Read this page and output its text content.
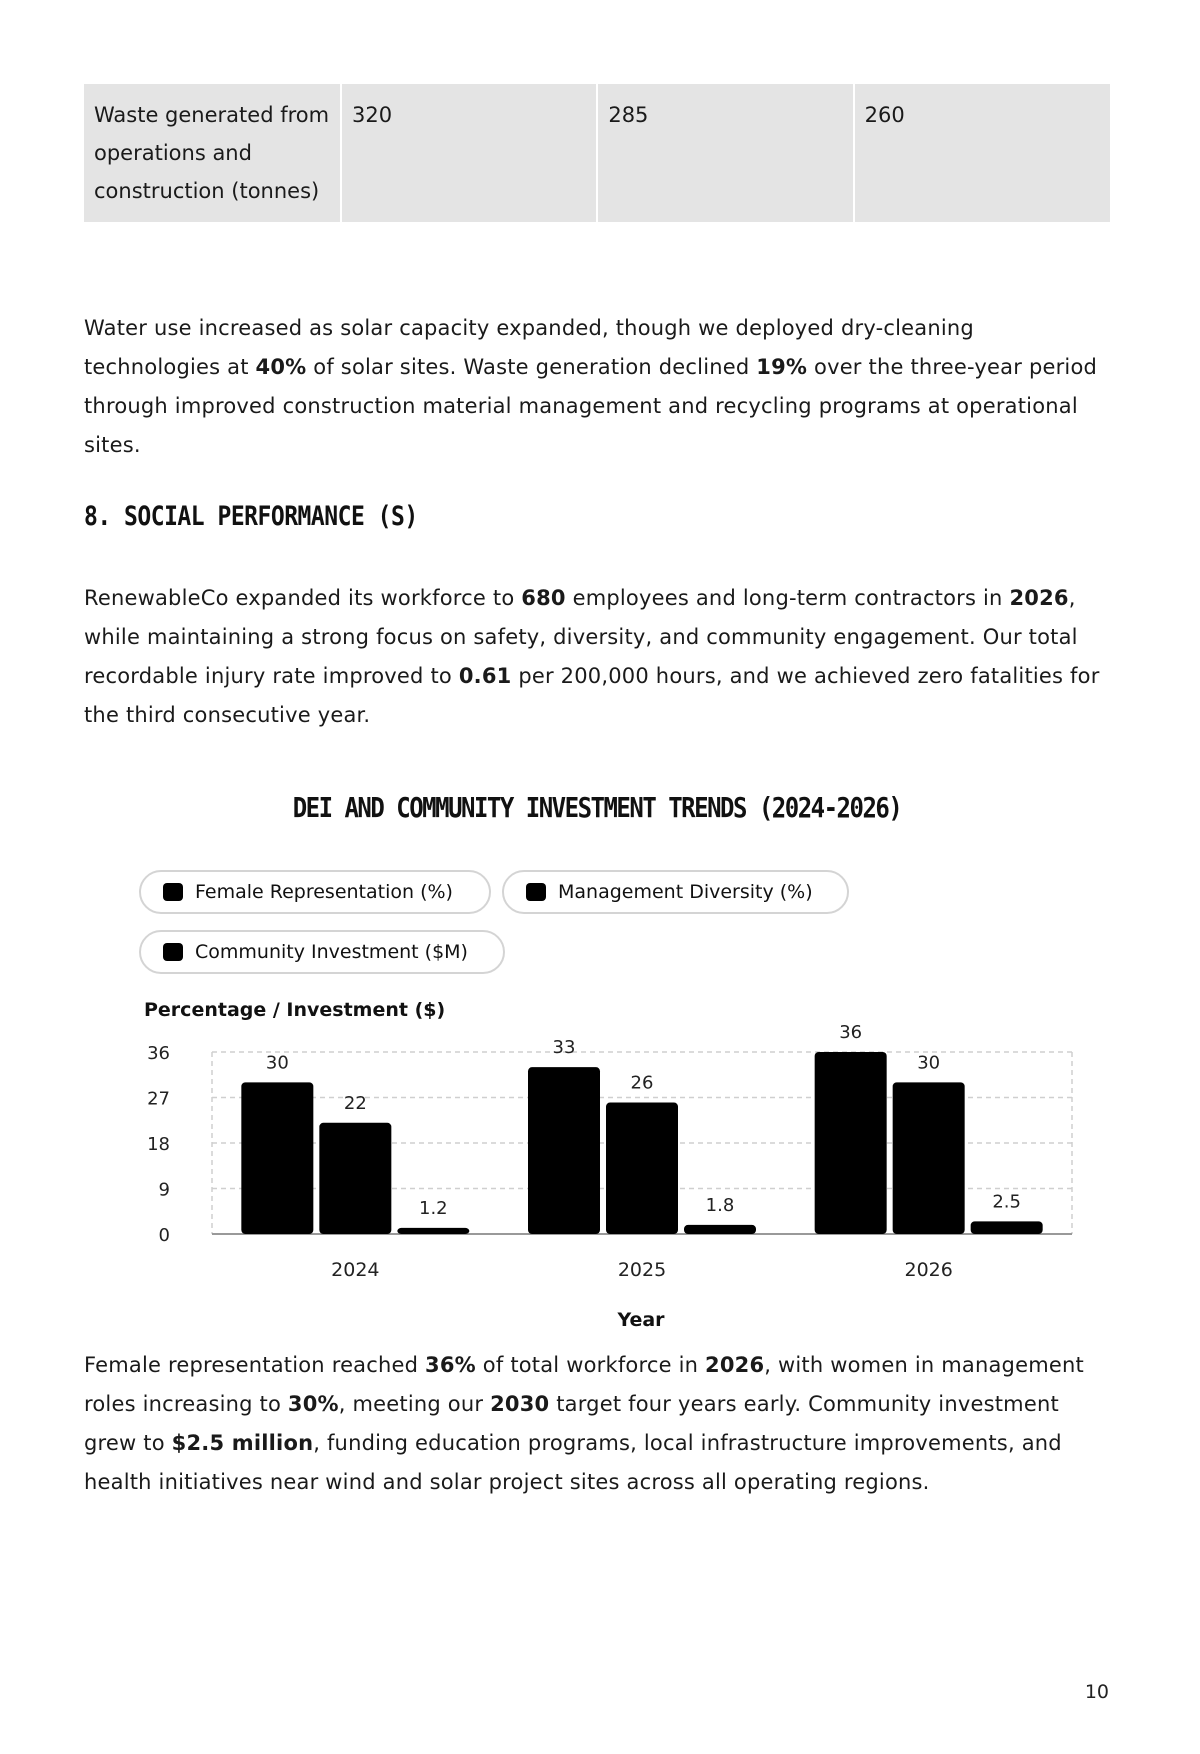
Waste generated from operations and construction (tonnes)	320	285	260

Water use increased as solar capacity expanded, though we deployed dry-cleaning technologies at 40% of solar sites. Waste generation declined 19% over the three-year period through improved construction material management and recycling programs at operational sites.

8. SOCIAL PERFORMANCE (S)

RenewableCo expanded its workforce to 680 employees and long-term contractors in 2026, while maintaining a strong focus on safety, diversity, and community engagement. Our total recordable injury rate improved to 0.61 per 200,000 hours, and we achieved zero fatalities for the third consecutive year.

DEI AND COMMUNITY INVESTMENT TRENDS (2024-2026)

Female representation reached 36% of total workforce in 2026, with women in management roles increasing to 30%, meeting our 2030 target four years early. Community investment grew to $2.5 million, funding education programs, local infrastructure improvements, and health initiatives near wind and solar project sites across all operating regions.

Female Representation (%)	Management Diversity (%)
Community Investment ($M)
Percentage / Investment ($)
0
9
18
27
36	30
22
1.2
33
26
1.8
36
30
2.5
2024	2025	2026
Year
10
